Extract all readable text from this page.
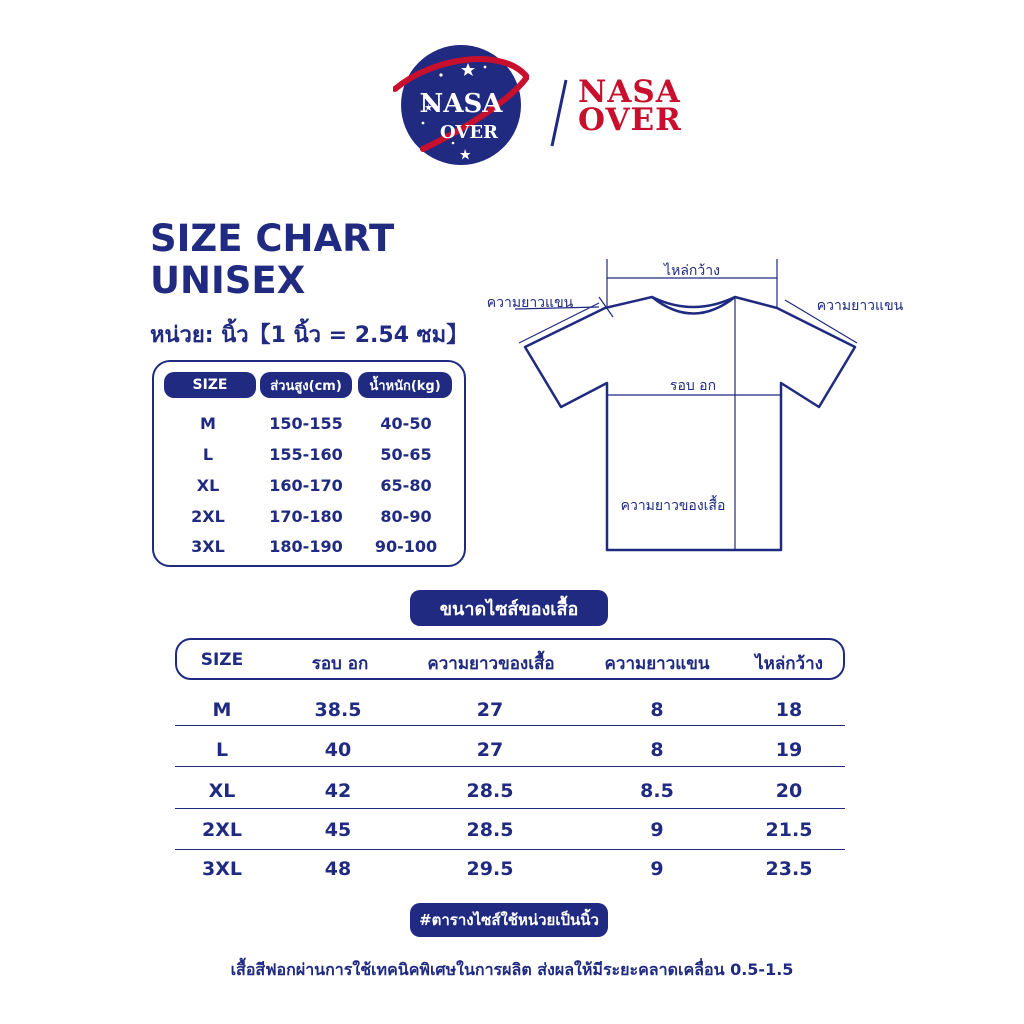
NASA
OVER
NASA
OVER
SIZE CHART
UNISEX
หน่วย: นิ้ว【1 นิ้ว = 2.54 ซม】
SIZE	ส่วนสูง(cm)	น้ำหนัก(kg)
M	150-155	40-50
L	155-160	50-65
XL	160-170	65-80
2XL	170-180	80-90
3XL	180-190	90-100
ไหล่กว้าง
ความยาวแขน	ความยาวแขน
รอบ อก
ความยาวของเสื้อ
ขนาดไซส์ของเสื้อ
SIZE	รอบ อก	ความยาวของเสื้อ	ความยาวแขน	ไหล่กว้าง
M	38.5	27	8	18
L	40	27	8	19
XL	42	28.5	8.5	20
2XL	45	28.5	9	21.5
3XL	48	29.5	9	23.5
#ตารางไซส์ใช้หน่วยเป็นนิ้ว
เสื้อสีฟอกผ่านการใช้เทคนิคพิเศษในการผลิต ส่งผลให้มีระยะคลาดเคลื่อน 0.5-1.5
